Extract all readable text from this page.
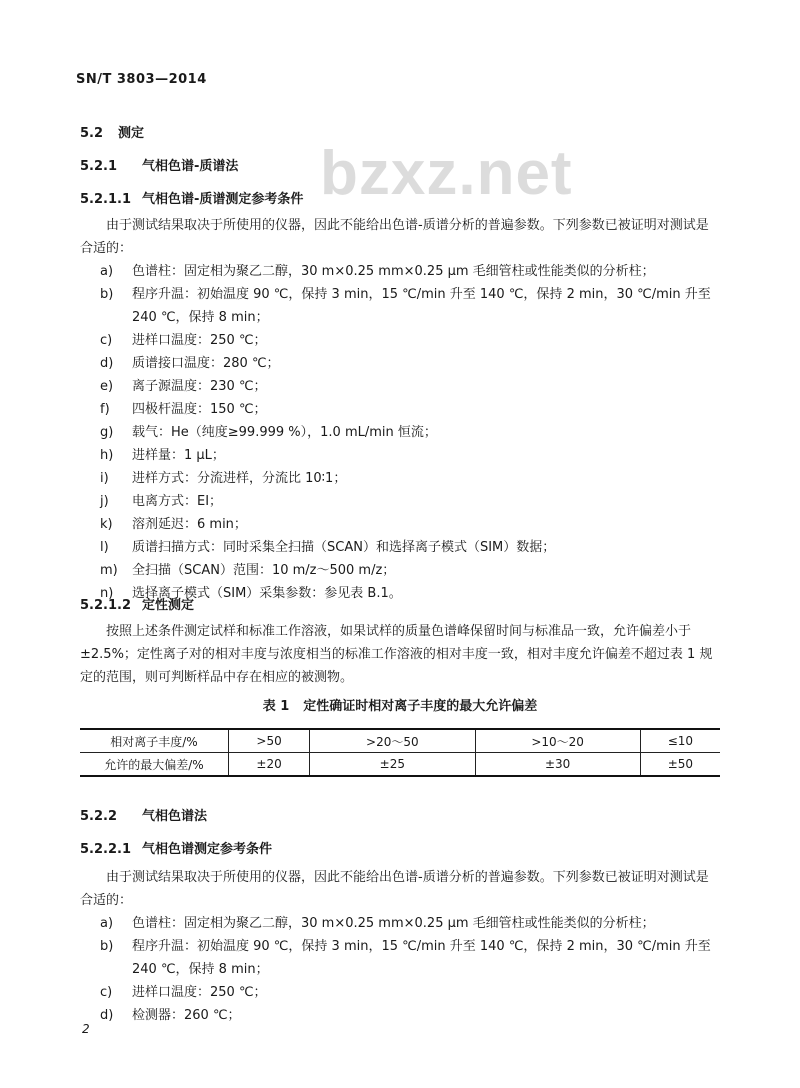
SN/T 3803—2014
bzxz.net
5.2 测定
5.2.1 气相色谱-质谱法
5.2.1.1 气相色谱-质谱测定参考条件
由于测试结果取决于所使用的仪器，因此不能给出色谱-质谱分析的普遍参数。下列参数已被证明对测试是合适的：
a)	色谱柱：固定相为聚乙二醇，30 m×0.25 mm×0.25 μm 毛细管柱或性能类似的分析柱；
b)	程序升温：初始温度 90 ℃，保持 3 min，15 ℃/min 升至 140 ℃，保持 2 min，30 ℃/min 升至 240 ℃，保持 8 min；
c)	进样口温度：250 ℃；
d)	质谱接口温度：280 ℃；
e)	离子源温度：230 ℃；
f)	四极杆温度：150 ℃；
g)	载气：He（纯度≥99.999 %），1.0 mL/min 恒流；
h)	进样量：1 μL；
i)	进样方式：分流进样，分流比 10∶1；
j)	电离方式：EI；
k)	溶剂延迟：6 min；
l)	质谱扫描方式：同时采集全扫描（SCAN）和选择离子模式（SIM）数据；
m)	全扫描（SCAN）范围：10 m/z～500 m/z；
n)	选择离子模式（SIM）采集参数：参见表 B.1。
5.2.1.2 定性测定
按照上述条件测定试样和标准工作溶液，如果试样的质量色谱峰保留时间与标准品一致，允许偏差小于±2.5%；定性离子对的相对丰度与浓度相当的标准工作溶液的相对丰度一致，相对丰度允许偏差不超过表 1 规定的范围，则可判断样品中存在相应的被测物。
表 1 定性确证时相对离子丰度的最大允许偏差
相对离子丰度/%	>50	>20～50	>10～20	≤10
允许的最大偏差/%	±20	±25	±30	±50
5.2.2 气相色谱法
5.2.2.1 气相色谱测定参考条件
由于测试结果取决于所使用的仪器，因此不能给出色谱-质谱分析的普遍参数。下列参数已被证明对测试是合适的：
a)	色谱柱：固定相为聚乙二醇，30 m×0.25 mm×0.25 μm 毛细管柱或性能类似的分析柱；
b)	程序升温：初始温度 90 ℃，保持 3 min，15 ℃/min 升至 140 ℃，保持 2 min，30 ℃/min 升至 240 ℃，保持 8 min；
c)	进样口温度：250 ℃；
d)	检测器：260 ℃；
2
